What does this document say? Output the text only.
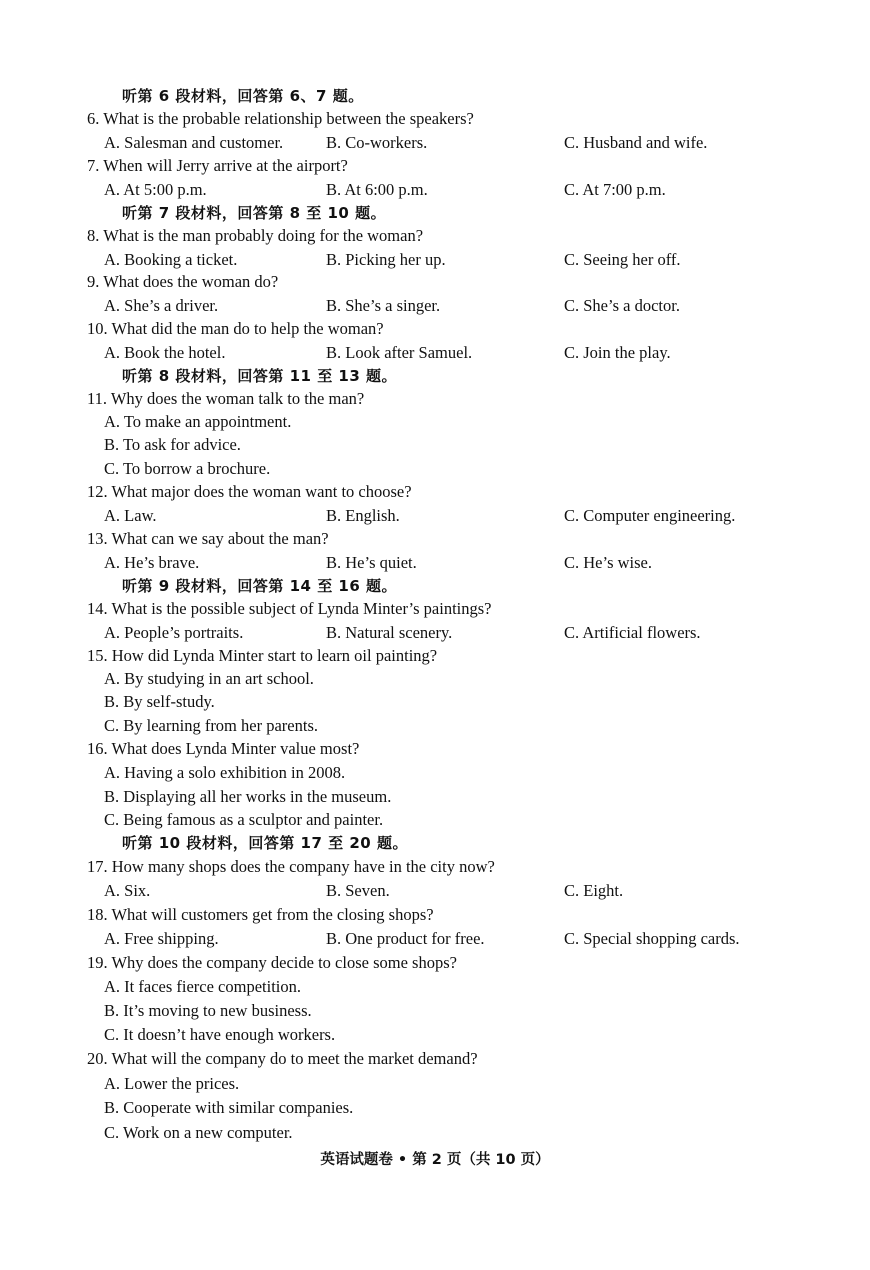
听第 6 段材料，回答第 6、7 题。
6. What is the probable relationship between the speakers?
A. Salesman and customer.	B. Co-workers.	C. Husband and wife.
7. When will Jerry arrive at the airport?
A. At 5:00 p.m.	B. At 6:00 p.m.	C. At 7:00 p.m.
听第 7 段材料，回答第 8 至 10 题。
8. What is the man probably doing for the woman?
A. Booking a ticket.	B. Picking her up.	C. Seeing her off.
9. What does the woman do?
A. She’s a driver.	B. She’s a singer.	C. She’s a doctor.
10. What did the man do to help the woman?
A. Book the hotel.	B. Look after Samuel.	C. Join the play.
听第 8 段材料，回答第 11 至 13 题。
11. Why does the woman talk to the man?
A. To make an appointment.
B. To ask for advice.
C. To borrow a brochure.
12. What major does the woman want to choose?
A. Law.	B. English.	C. Computer engineering.
13. What can we say about the man?
A. He’s brave.	B. He’s quiet.	C. He’s wise.
听第 9 段材料，回答第 14 至 16 题。
14. What is the possible subject of Lynda Minter’s paintings?
A. People’s portraits.	B. Natural scenery.	C. Artificial flowers.
15. How did Lynda Minter start to learn oil painting?
A. By studying in an art school.
B. By self-study.
C. By learning from her parents.
16. What does Lynda Minter value most?
A. Having a solo exhibition in 2008.
B. Displaying all her works in the museum.
C. Being famous as a sculptor and painter.
听第 10 段材料，回答第 17 至 20 题。
17. How many shops does the company have in the city now?
A. Six.	B. Seven.	C. Eight.
18. What will customers get from the closing shops?
A. Free shipping.	B. One product for free.	C. Special shopping cards.
19. Why does the company decide to close some shops?
A. It faces fierce competition.
B. It’s moving to new business.
C. It doesn’t have enough workers.
20. What will the company do to meet the market demand?
A. Lower the prices.
B. Cooperate with similar companies.
C. Work on a new computer.
英语试题卷 • 第 2 页（共 10 页）
